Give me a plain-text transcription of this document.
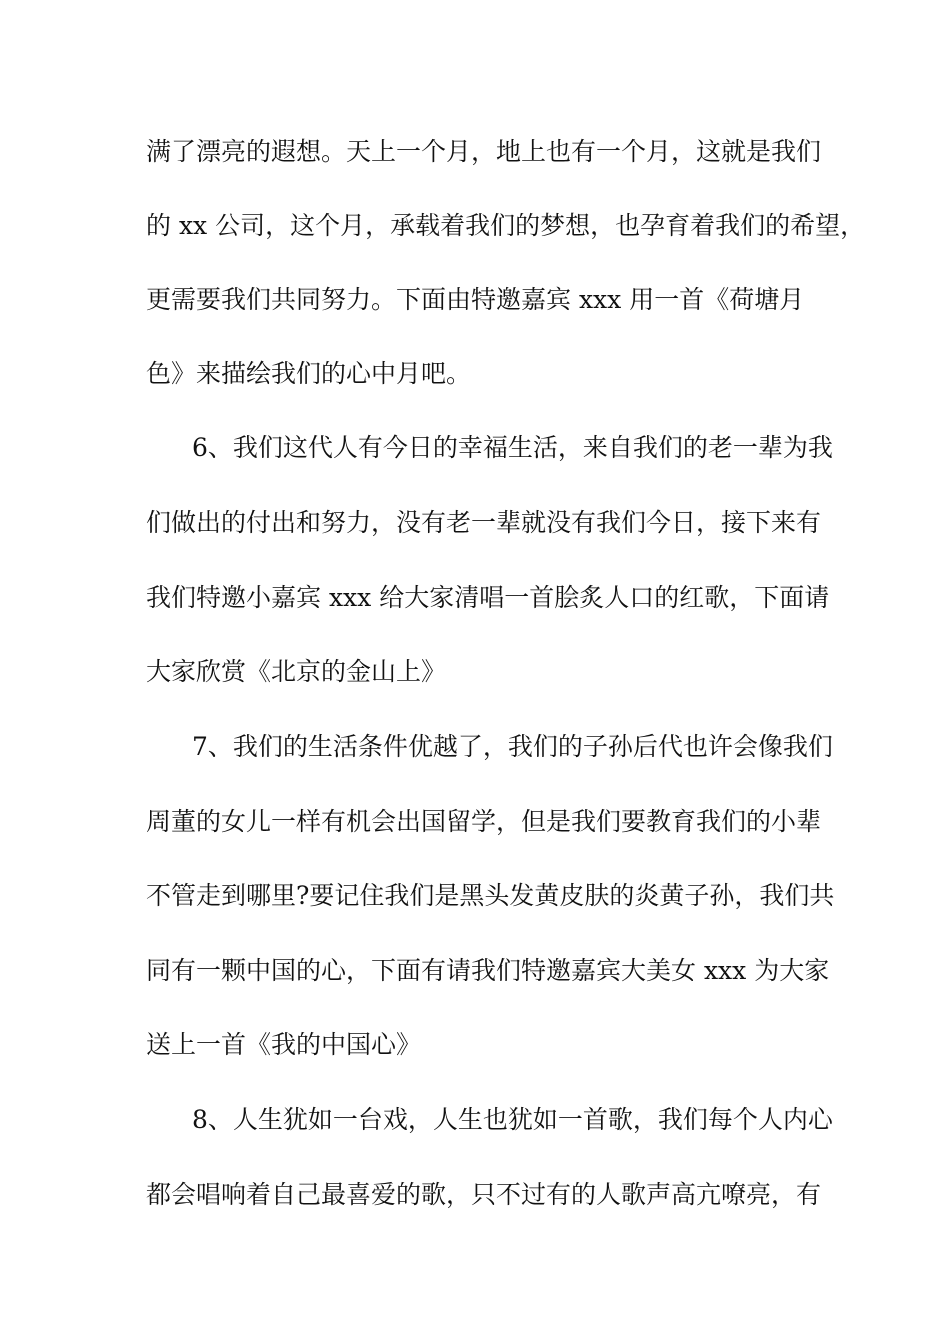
满了漂亮的遐想。天上一个月，地上也有一个月，这就是我们
的 xx 公司，这个月，承载着我们的梦想，也孕育着我们的希望，
更需要我们共同努力。下面由特邀嘉宾 xxx 用一首《荷塘月
色》来描绘我们的心中月吧。
6、我们这代人有今日的幸福生活，来自我们的老一辈为我
们做出的付出和努力，没有老一辈就没有我们今日，接下来有
我们特邀小嘉宾 xxx 给大家清唱一首脍炙人口的红歌，下面请
大家欣赏《北京的金山上》
7、我们的生活条件优越了，我们的子孙后代也许会像我们
周董的女儿一样有机会出国留学，但是我们要教育我们的小辈
不管走到哪里?要记住我们是黑头发黄皮肤的炎黄子孙，我们共
同有一颗中国的心，下面有请我们特邀嘉宾大美女 xxx 为大家
送上一首《我的中国心》
8、人生犹如一台戏，人生也犹如一首歌，我们每个人内心
都会唱响着自己最喜爱的歌，只不过有的人歌声高亢嘹亮，有
